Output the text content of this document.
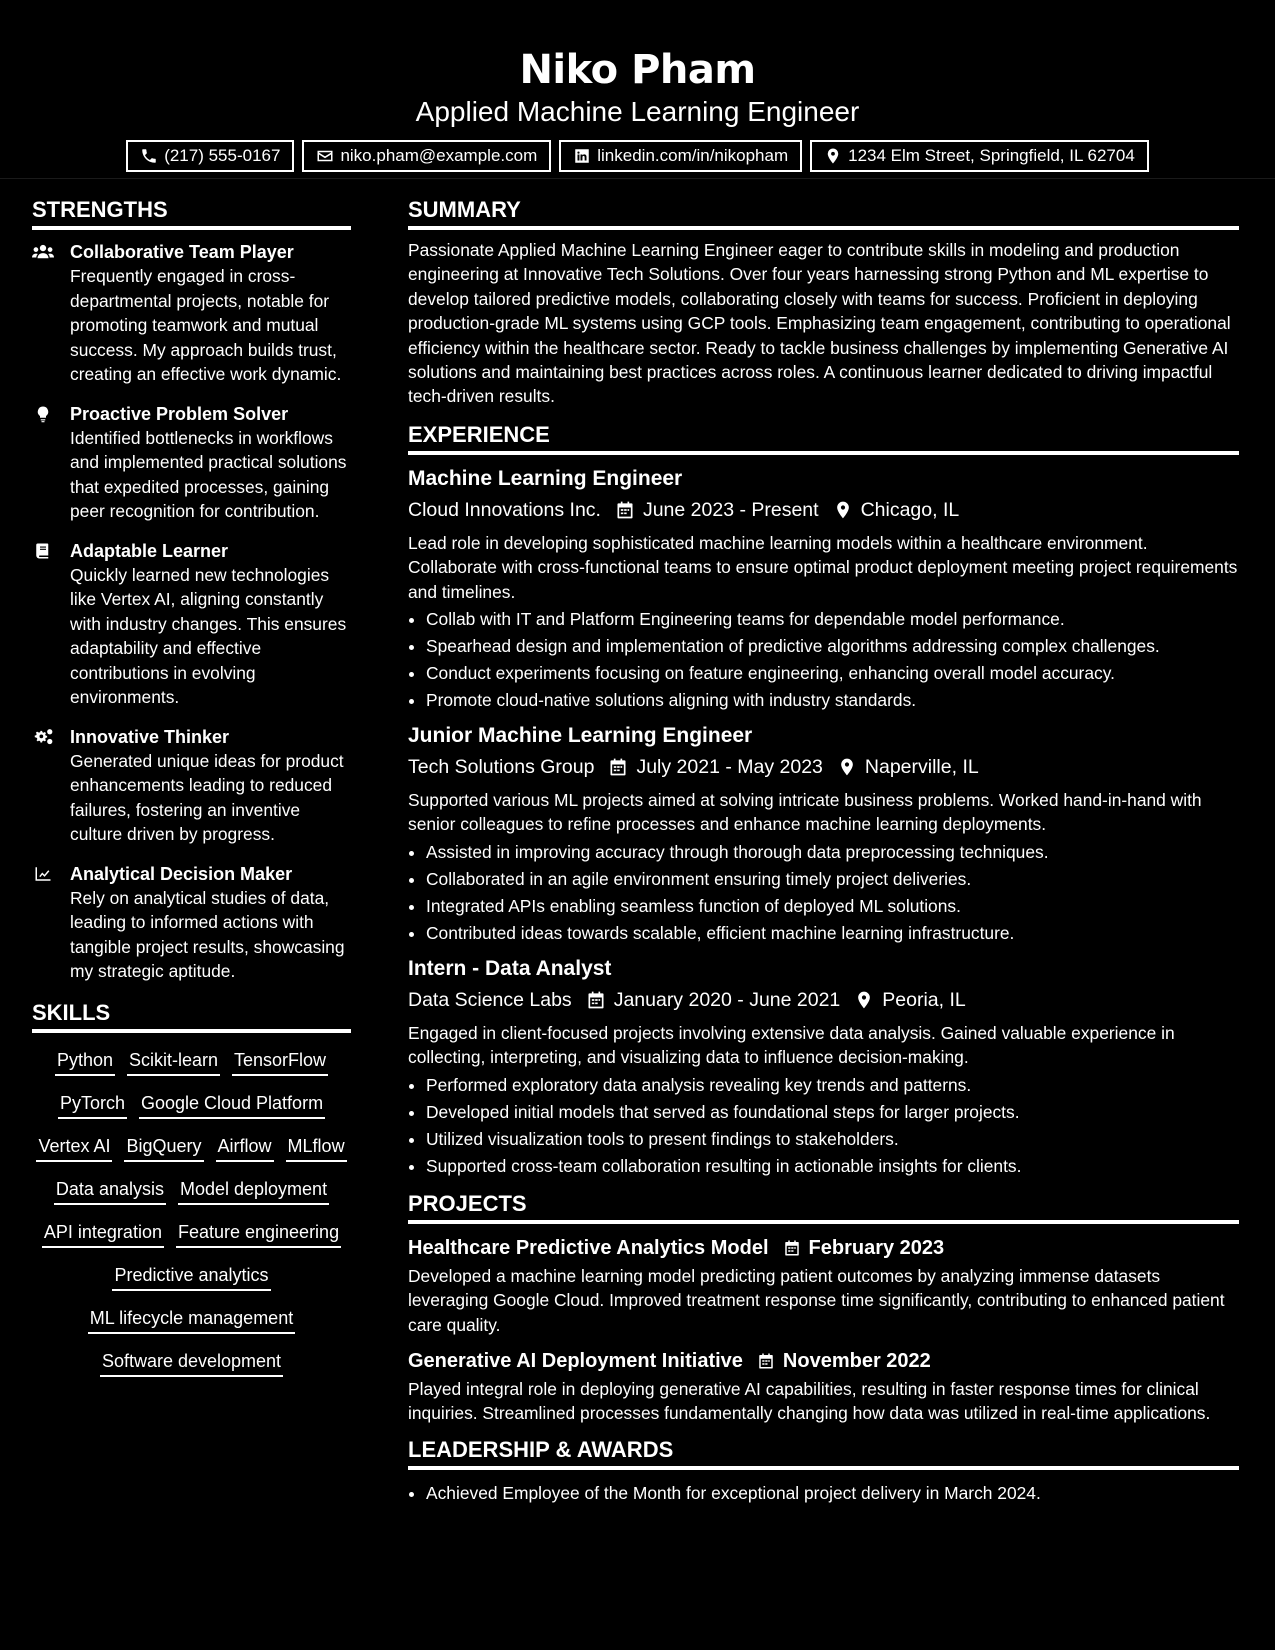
Niko Pham
Applied Machine Learning Engineer
(217) 555-0167	niko.pham@example.com	linkedin.com/in/nikopham	1234 Elm Street, Springfield, IL 62704
STRENGTHS
Collaborative Team Player
Frequently engaged in cross-departmental projects, notable for promoting teamwork and mutual success. My approach builds trust, creating an effective work dynamic.
Proactive Problem Solver
Identified bottlenecks in workflows and implemented practical solutions that expedited processes, gaining peer recognition for contribution.
Adaptable Learner
Quickly learned new technologies like Vertex AI, aligning constantly with industry changes. This ensures adaptability and effective contributions in evolving environments.
Innovative Thinker
Generated unique ideas for product enhancements leading to reduced failures, fostering an inventive culture driven by progress.
Analytical Decision Maker
Rely on analytical studies of data, leading to informed actions with tangible project results, showcasing my strategic aptitude.
SKILLS
Python Scikit-learn TensorFlow
PyTorch Google Cloud Platform
Vertex AI BigQuery Airflow MLflow
Data analysis Model deployment
API integration Feature engineering
Predictive analytics
ML lifecycle management
Software development
SUMMARY
Passionate Applied Machine Learning Engineer eager to contribute skills in modeling and production engineering at Innovative Tech Solutions. Over four years harnessing strong Python and ML expertise to develop tailored predictive models, collaborating closely with teams for success. Proficient in deploying production-grade ML systems using GCP tools. Emphasizing team engagement, contributing to operational efficiency within the healthcare sector. Ready to tackle business challenges by implementing Generative AI solutions and maintaining best practices across roles. A continuous learner dedicated to driving impactful tech-driven results.
EXPERIENCE
Machine Learning Engineer
Cloud Innovations Inc. June 2023 - Present Chicago, IL
Lead role in developing sophisticated machine learning models within a healthcare environment. Collaborate with cross-functional teams to ensure optimal product deployment meeting project requirements and timelines.
• Collab with IT and Platform Engineering teams for dependable model performance.
• Spearhead design and implementation of predictive algorithms addressing complex challenges.
• Conduct experiments focusing on feature engineering, enhancing overall model accuracy.
• Promote cloud-native solutions aligning with industry standards.
Junior Machine Learning Engineer
Tech Solutions Group July 2021 - May 2023 Naperville, IL
Supported various ML projects aimed at solving intricate business problems. Worked hand-in-hand with senior colleagues to refine processes and enhance machine learning deployments.
• Assisted in improving accuracy through thorough data preprocessing techniques.
• Collaborated in an agile environment ensuring timely project deliveries.
• Integrated APIs enabling seamless function of deployed ML solutions.
• Contributed ideas towards scalable, efficient machine learning infrastructure.
Intern - Data Analyst
Data Science Labs January 2020 - June 2021 Peoria, IL
Engaged in client-focused projects involving extensive data analysis. Gained valuable experience in collecting, interpreting, and visualizing data to influence decision-making.
• Performed exploratory data analysis revealing key trends and patterns.
• Developed initial models that served as foundational steps for larger projects.
• Utilized visualization tools to present findings to stakeholders.
• Supported cross-team collaboration resulting in actionable insights for clients.
PROJECTS
Healthcare Predictive Analytics Model February 2023
Developed a machine learning model predicting patient outcomes by analyzing immense datasets leveraging Google Cloud. Improved treatment response time significantly, contributing to enhanced patient care quality.
Generative AI Deployment Initiative November 2022
Played integral role in deploying generative AI capabilities, resulting in faster response times for clinical inquiries. Streamlined processes fundamentally changing how data was utilized in real-time applications.
LEADERSHIP & AWARDS
• Achieved Employee of the Month for exceptional project delivery in March 2024.
